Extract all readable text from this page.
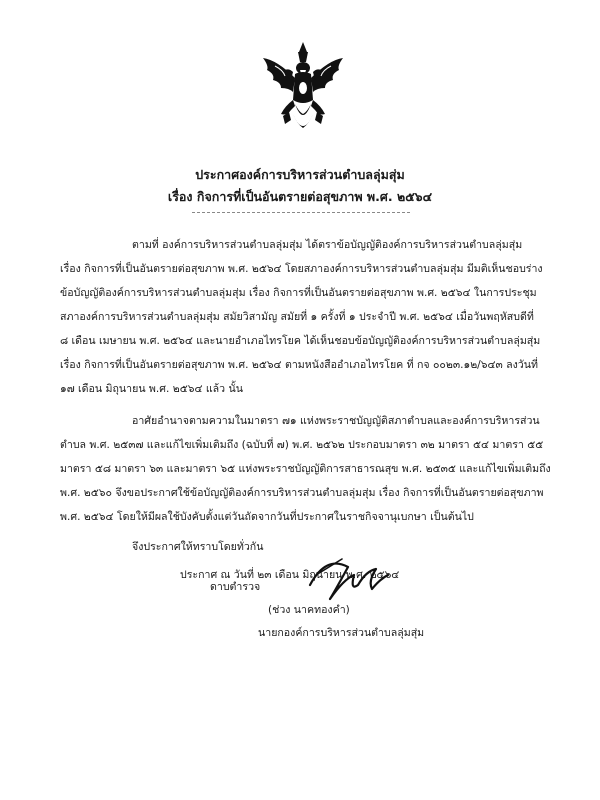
ประกาศองค์การบริหารส่วนตำบลลุ่มสุ่ม
เรื่อง กิจการที่เป็นอันตรายต่อสุขภาพ พ.ศ. ๒๕๖๔
ตามที่ องค์การบริหารส่วนตำบลลุ่มสุ่ม ได้ตราข้อบัญญัติองค์การบริหารส่วนตำบลลุ่มสุ่ม
เรื่อง กิจการที่เป็นอันตรายต่อสุขภาพ พ.ศ. ๒๕๖๔ โดยสภาองค์การบริหารส่วนตำบลลุ่มสุ่ม มีมติเห็นชอบร่าง
ข้อบัญญัติองค์การบริหารส่วนตำบลลุ่มสุ่ม เรื่อง กิจการที่เป็นอันตรายต่อสุขภาพ พ.ศ. ๒๕๖๔ ในการประชุม
สภาองค์การบริหารส่วนตำบลลุ่มสุ่ม สมัยวิสามัญ สมัยที่ ๑ ครั้งที่ ๑ ประจำปี พ.ศ. ๒๕๖๔ เมื่อวันพฤหัสบดีที่
๘ เดือน เมษายน พ.ศ. ๒๕๖๔ และนายอำเภอไทรโยค ได้เห็นชอบข้อบัญญัติองค์การบริหารส่วนตำบลลุ่มสุ่ม
เรื่อง กิจการที่เป็นอันตรายต่อสุขภาพ พ.ศ. ๒๕๖๔ ตามหนังสืออำเภอไทรโยค ที่ กจ ๐๐๒๓.๑๒/๖๔๓ ลงวันที่
๑๗ เดือน มิถุนายน พ.ศ. ๒๕๖๔ แล้ว นั้น
อาศัยอำนาจตามความในมาตรา ๗๑ แห่งพระราชบัญญัติสภาตำบลและองค์การบริหารส่วน
ตำบล พ.ศ. ๒๕๓๗ และแก้ไขเพิ่มเติมถึง (ฉบับที่ ๗) พ.ศ. ๒๕๖๒ ประกอบมาตรา ๓๒ มาตรา ๕๔ มาตรา ๕๕
มาตรา ๕๘ มาตรา ๖๓ และมาตรา ๖๕ แห่งพระราชบัญญัติการสาธารณสุข พ.ศ. ๒๕๓๕ และแก้ไขเพิ่มเติมถึง
พ.ศ. ๒๕๖๐ จึงขอประกาศใช้ข้อบัญญัติองค์การบริหารส่วนตำบลลุ่มสุ่ม เรื่อง กิจการที่เป็นอันตรายต่อสุขภาพ
พ.ศ. ๒๕๖๔ โดยให้มีผลใช้บังคับตั้งแต่วันถัดจากวันที่ประกาศในราชกิจจานุเบกษา เป็นต้นไป
จึงประกาศให้ทราบโดยทั่วกัน
ประกาศ ณ วันที่ ๒๓ เดือน มิถุนายน พ.ศ. ๒๕๖๔
ดาบตำรวจ
(ช่วง นาคทองคำ)
นายกองค์การบริหารส่วนตำบลลุ่มสุ่ม
